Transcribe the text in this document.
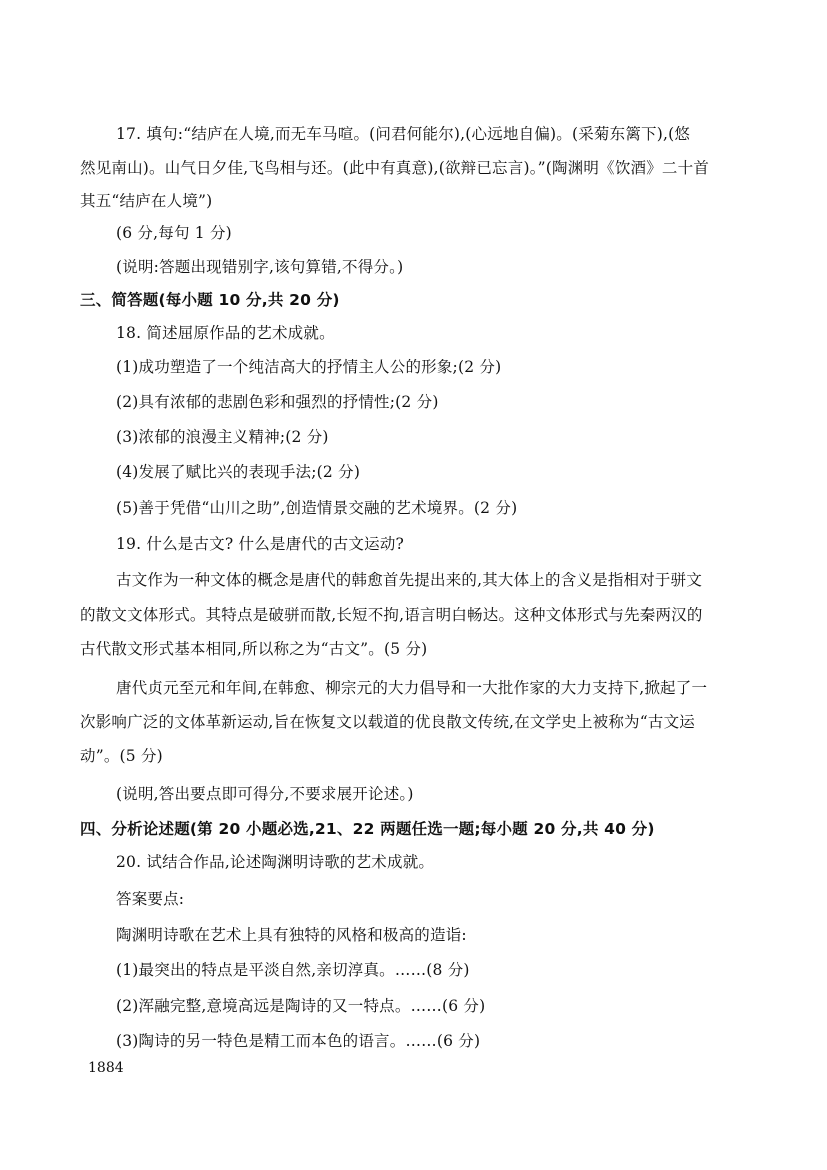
17. 填句:“结庐在人境,而无车马喧。(问君何能尔),(心远地自偏)。(采菊东篱下),(悠
然见南山)。山气日夕佳,飞鸟相与还。(此中有真意),(欲辩已忘言)。”(陶渊明《饮酒》二十首
其五“结庐在人境”)
(6 分,每句 1 分)
(说明:答题出现错别字,该句算错,不得分。)
三、简答题(每小题 10 分,共 20 分)
18. 简述屈原作品的艺术成就。
(1)成功塑造了一个纯洁高大的抒情主人公的形象;(2 分)
(2)具有浓郁的悲剧色彩和强烈的抒情性;(2 分)
(3)浓郁的浪漫主义精神;(2 分)
(4)发展了赋比兴的表现手法;(2 分)
(5)善于凭借“山川之助”,创造情景交融的艺术境界。(2 分)
19. 什么是古文? 什么是唐代的古文运动?
古文作为一种文体的概念是唐代的韩愈首先提出来的,其大体上的含义是指相对于骈文
的散文文体形式。其特点是破骈而散,长短不拘,语言明白畅达。这种文体形式与先秦两汉的
古代散文形式基本相同,所以称之为“古文”。(5 分)
唐代贞元至元和年间,在韩愈、柳宗元的大力倡导和一大批作家的大力支持下,掀起了一
次影响广泛的文体革新运动,旨在恢复文以载道的优良散文传统,在文学史上被称为“古文运
动”。(5 分)
(说明,答出要点即可得分,不要求展开论述。)
四、分析论述题(第 20 小题必选,21、22 两题任选一题;每小题 20 分,共 40 分)
20. 试结合作品,论述陶渊明诗歌的艺术成就。
答案要点:
陶渊明诗歌在艺术上具有独特的风格和极高的造诣:
(1)最突出的特点是平淡自然,亲切淳真。……(8 分)
(2)浑融完整,意境高远是陶诗的又一特点。……(6 分)
(3)陶诗的另一特色是精工而本色的语言。……(6 分)
1884
